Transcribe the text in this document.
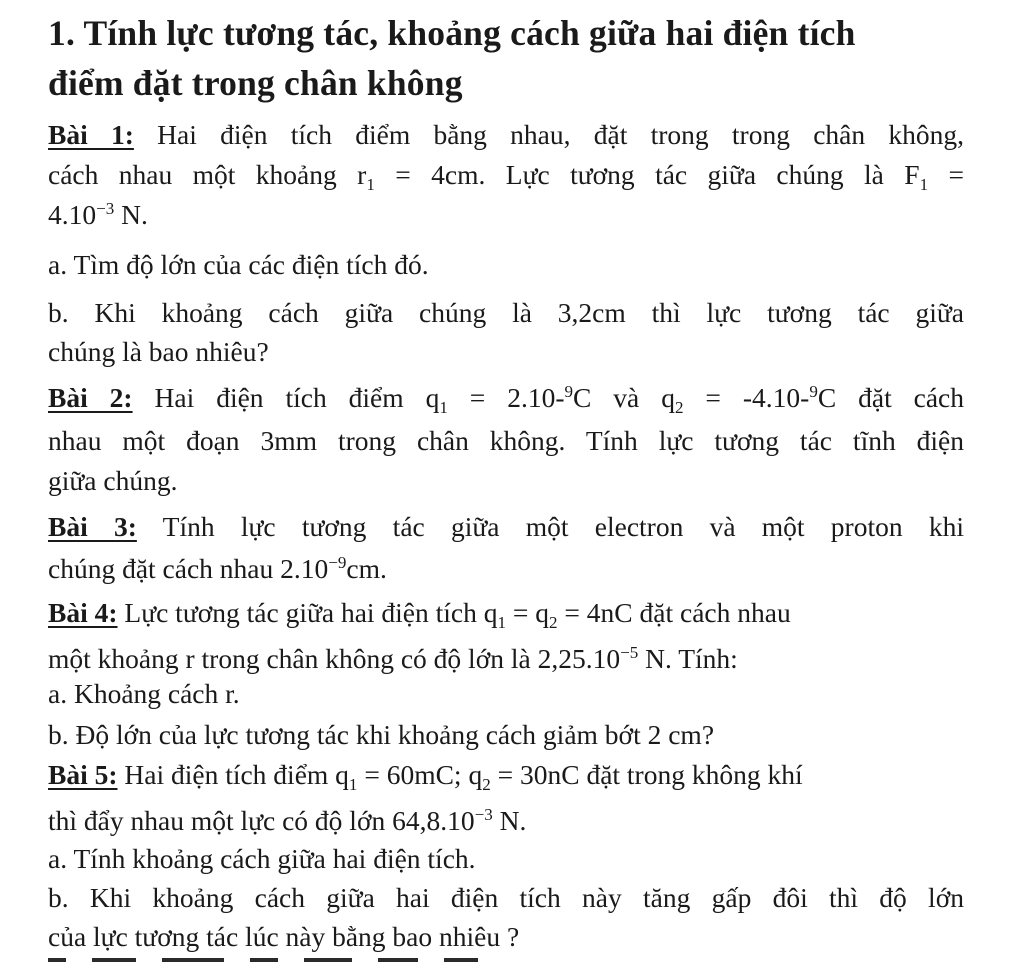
1. Tính lực tương tác, khoảng cách giữa hai điện tích
điểm đặt trong chân không
Bài 1: Hai điện tích điểm bằng nhau, đặt trong trong chân không,
cách nhau một khoảng $r_1 = 4cm$. Lực tương tác giữa chúng là $F_1$ =
$4.10^{-3}$ N.
a. Tìm độ lớn của các điện tích đó.
b. Khi khoảng cách giữa chúng là 3,2cm thì lực tương tác giữa
chúng là bao nhiêu?
Bài 2: Hai điện tích điểm $q_1 = 2.10-^9C$ và $q_2 = -4.10-^9C$ đặt cách
nhau một đoạn 3mm trong chân không. Tính lực tương tác tĩnh điện
giữa chúng.
Bài 3: Tính lực tương tác giữa một electron và một proton khi
chúng đặt cách nhau $2.10^{-9}cm$.
Bài 4: Lực tương tác giữa hai điện tích $q_1 = q_2 = 4nC$ đặt cách nhau
một khoảng r trong chân không có độ lớn là $2,25.10^{-5}$ N. Tính:
a. Khoảng cách r.
b. Độ lớn của lực tương tác khi khoảng cách giảm bớt 2 cm?
Bài 5: Hai điện tích điểm $q_1 = 60mC$; $q_2 = 30nC$ đặt trong không khí
thì đẩy nhau một lực có độ lớn $64,8.10^{-3}$ N.
a. Tính khoảng cách giữa hai điện tích.
b. Khi khoảng cách giữa hai điện tích này tăng gấp đôi thì độ lớn
của lực tương tác lúc này bằng bao nhiêu ?
